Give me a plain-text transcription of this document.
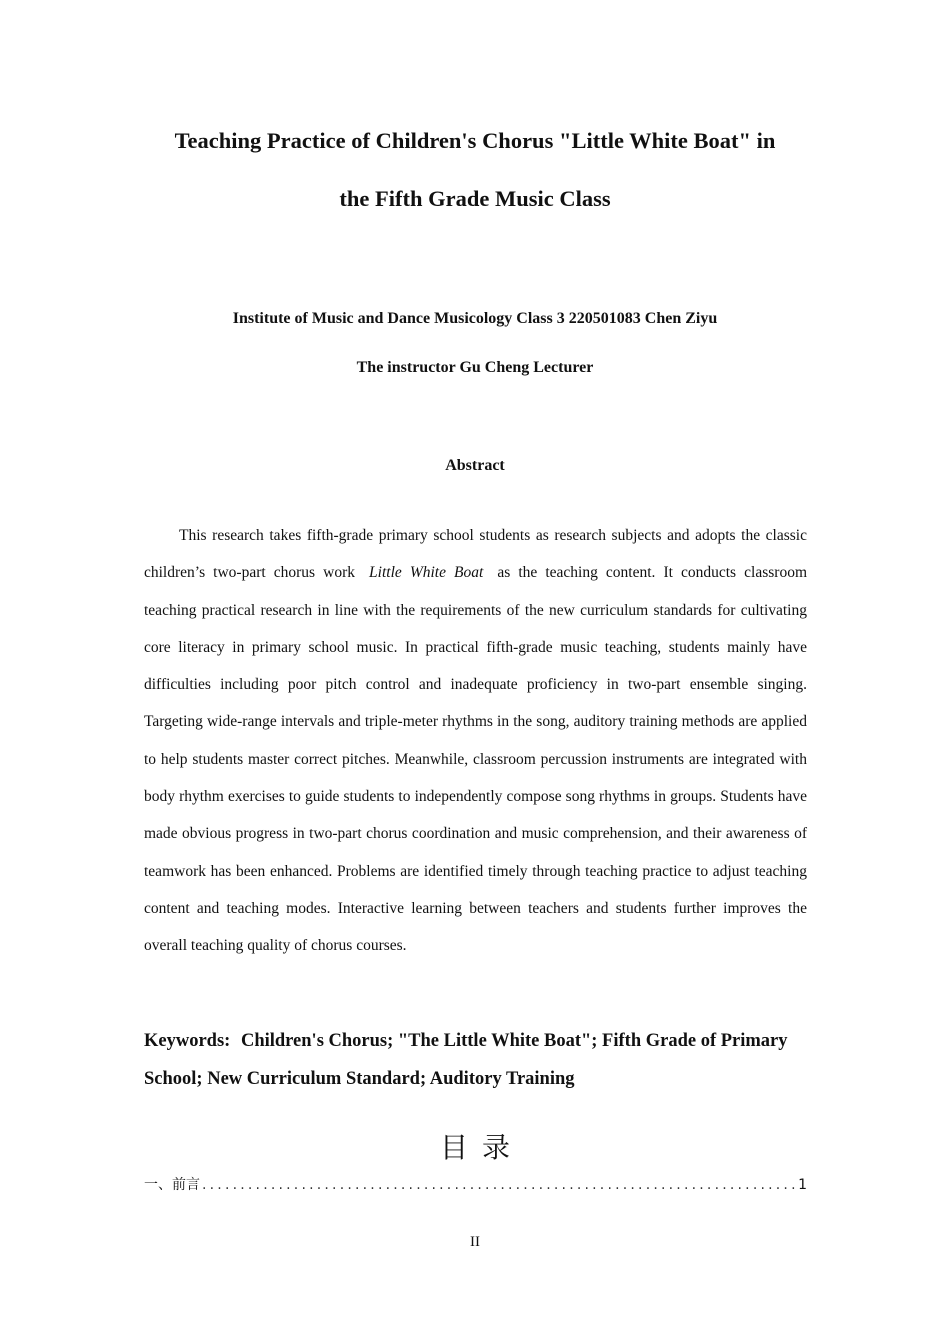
Teaching Practice of Children's Chorus "Little White Boat" in
the Fifth Grade Music Class
Institute of Music and Dance Musicology Class 3 220501083 Chen Ziyu
The instructor Gu Cheng Lecturer
Abstract

This research takes fifth-grade primary school students as research subjects and adopts the classic children’s two-part chorus work Little White Boat as the teaching content. It conducts classroom teaching practical research in line with the requirements of the new curriculum standards for cultivating core literacy in primary school music. In practical fifth-grade music teaching, students mainly have difficulties including poor pitch control and inadequate proficiency in two-part ensemble singing. Targeting wide-range intervals and triple-meter rhythms in the song, auditory training methods are applied to help students master correct pitches. Meanwhile, classroom percussion instruments are integrated with body rhythm exercises to guide students to independently compose song rhythms in groups. Students have made obvious progress in two-part chorus coordination and music comprehension, and their awareness of teamwork has been enhanced. Problems are identified timely through teaching practice to adjust teaching content and teaching modes. Interactive learning between teachers and students further improves the overall teaching quality of chorus courses.

Keywords: Children's Chorus; "The Little White Boat"; Fifth Grade of Primary School; New Curriculum Standard; Auditory Training
目录
一、前言
.....	1
II
